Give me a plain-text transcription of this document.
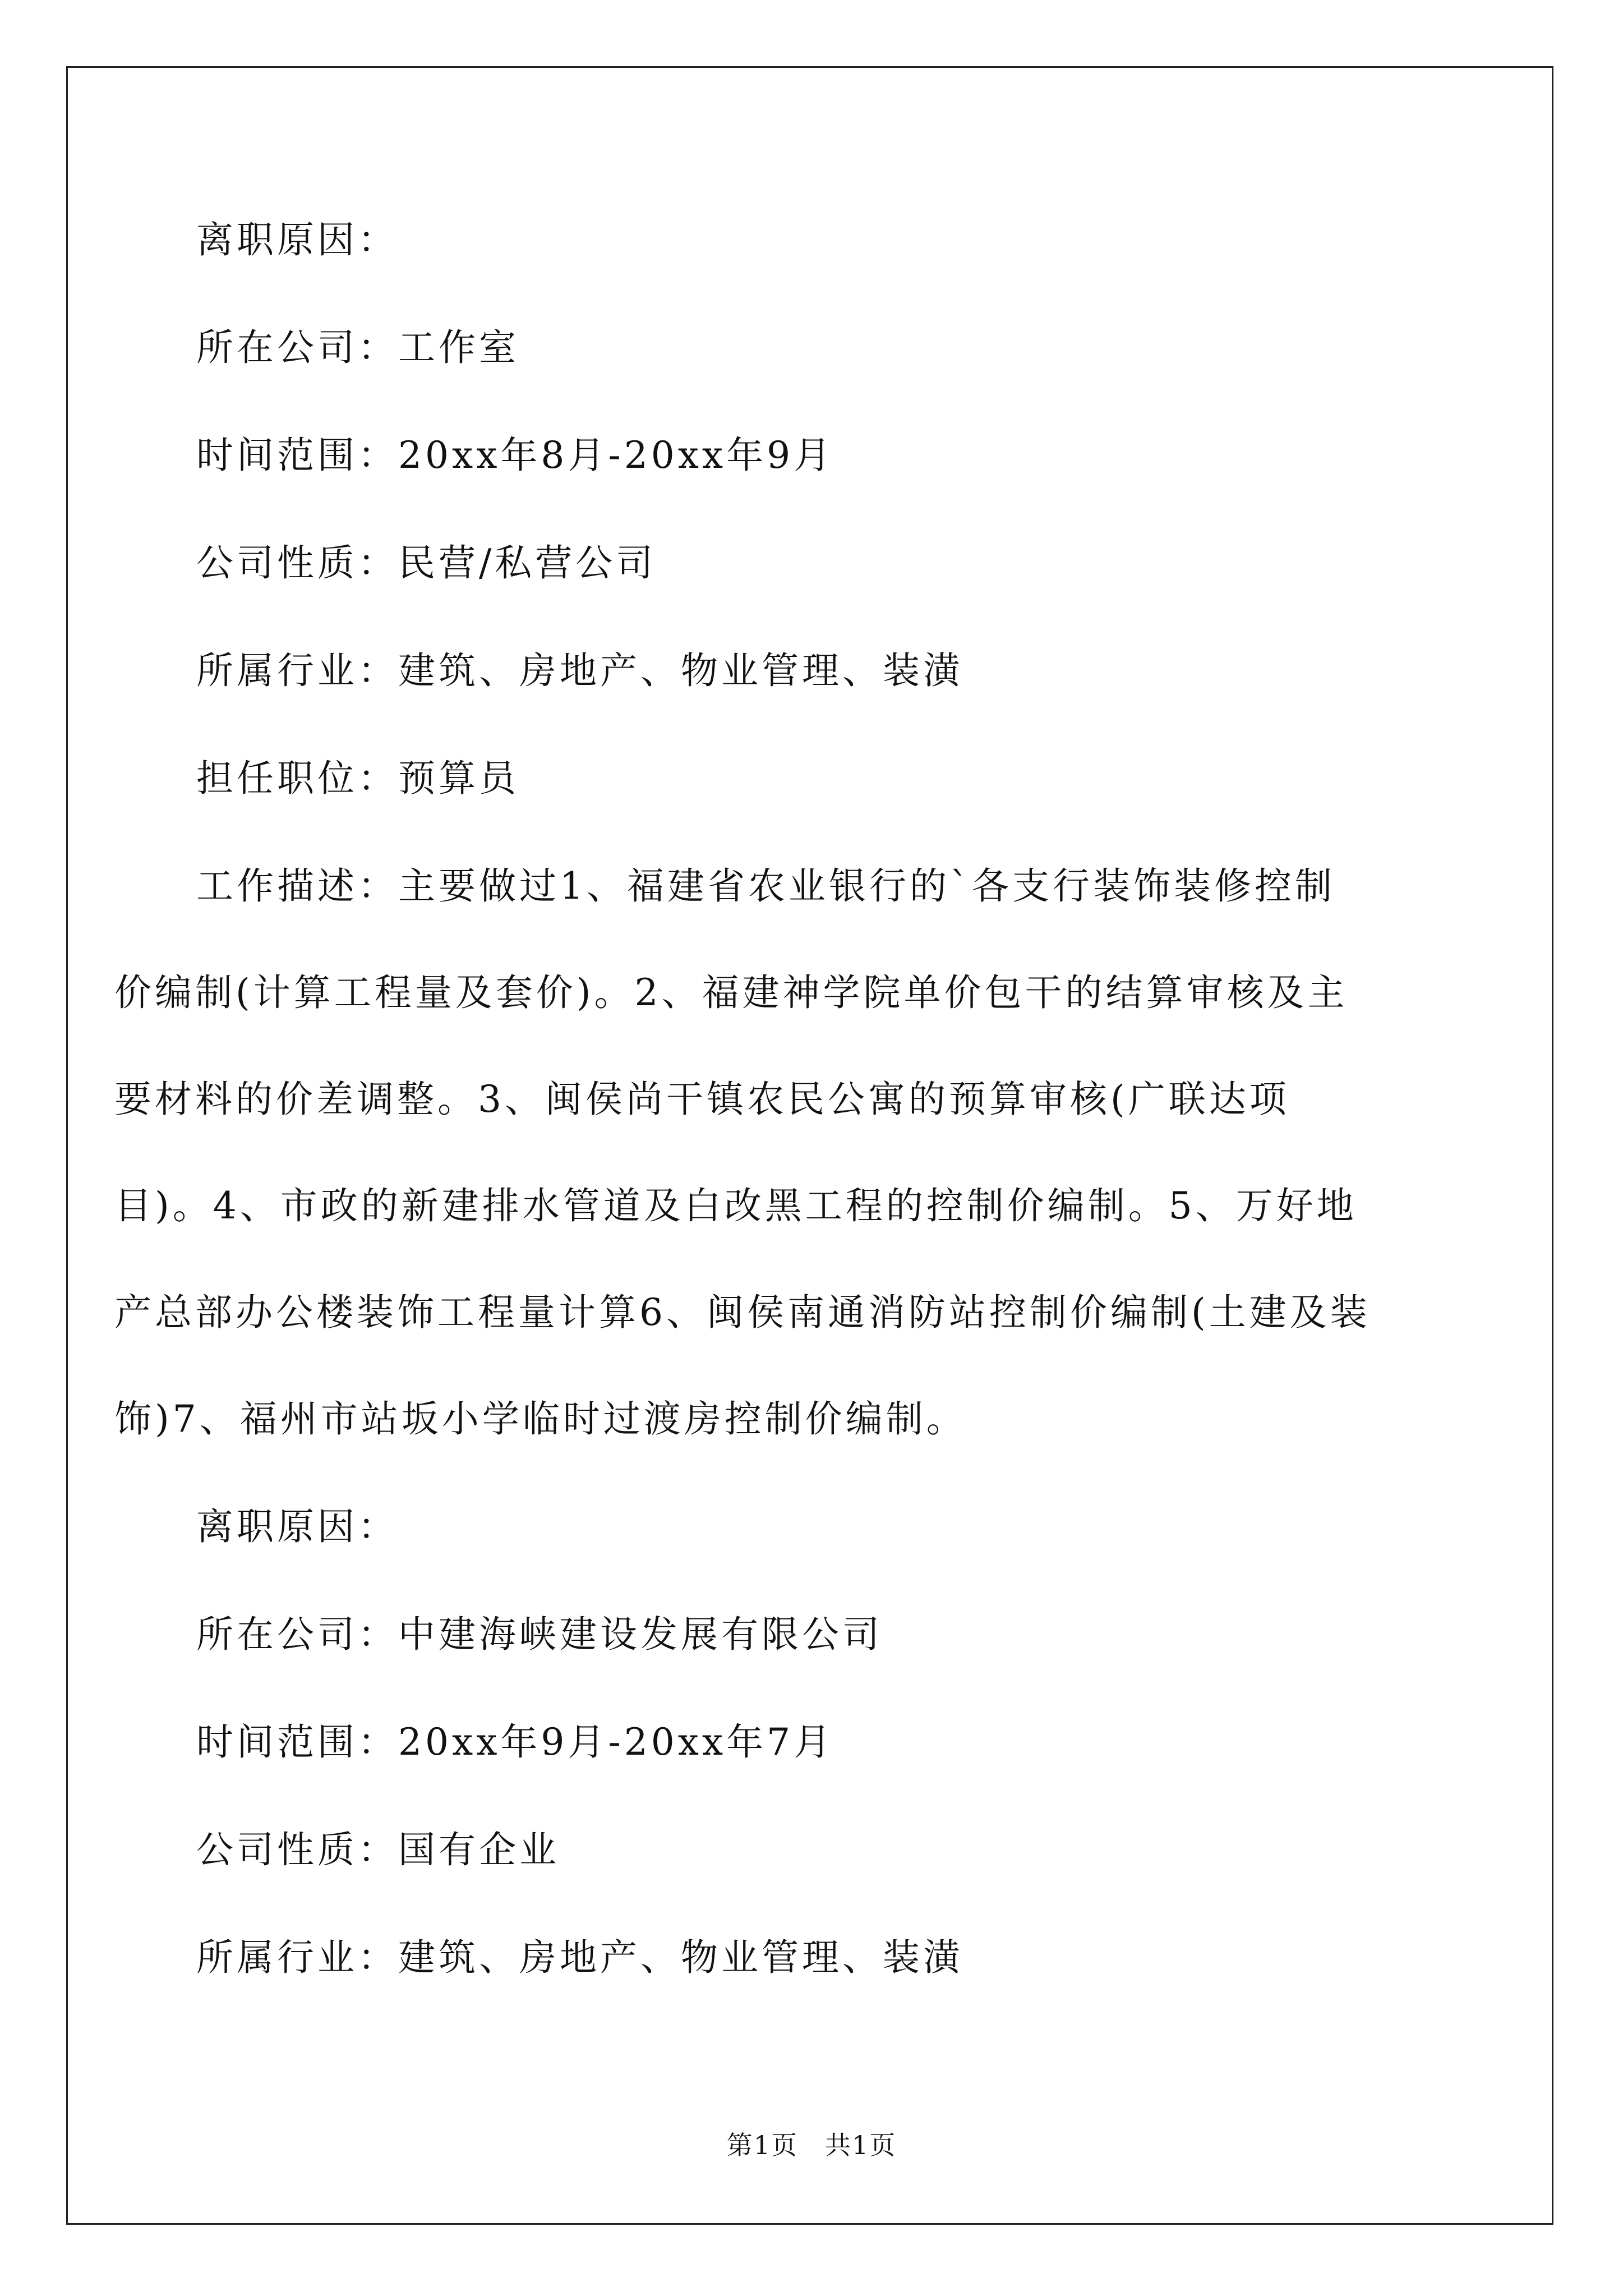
离职原因：

所在公司：工作室

时间范围：20xx年8月-20xx年9月

公司性质：民营/私营公司

所属行业：建筑、房地产、物业管理、装潢

担任职位：预算员

工作描述：主要做过1、福建省农业银行的`各支行装饰装修控制价编制(计算工程量及套价)。2、福建神学院单价包干的结算审核及主要材料的价差调整。3、闽侯尚干镇农民公寓的预算审核(广联达项目)。4、市政的新建排水管道及白改黑工程的控制价编制。5、万好地产总部办公楼装饰工程量计算6、闽侯南通消防站控制价编制(土建及装饰)7、福州市站坂小学临时过渡房控制价编制。

离职原因：

所在公司：中建海峡建设发展有限公司

时间范围：20xx年9月-20xx年7月

公司性质：国有企业

所属行业：建筑、房地产、物业管理、装潢

第1页　共1页
